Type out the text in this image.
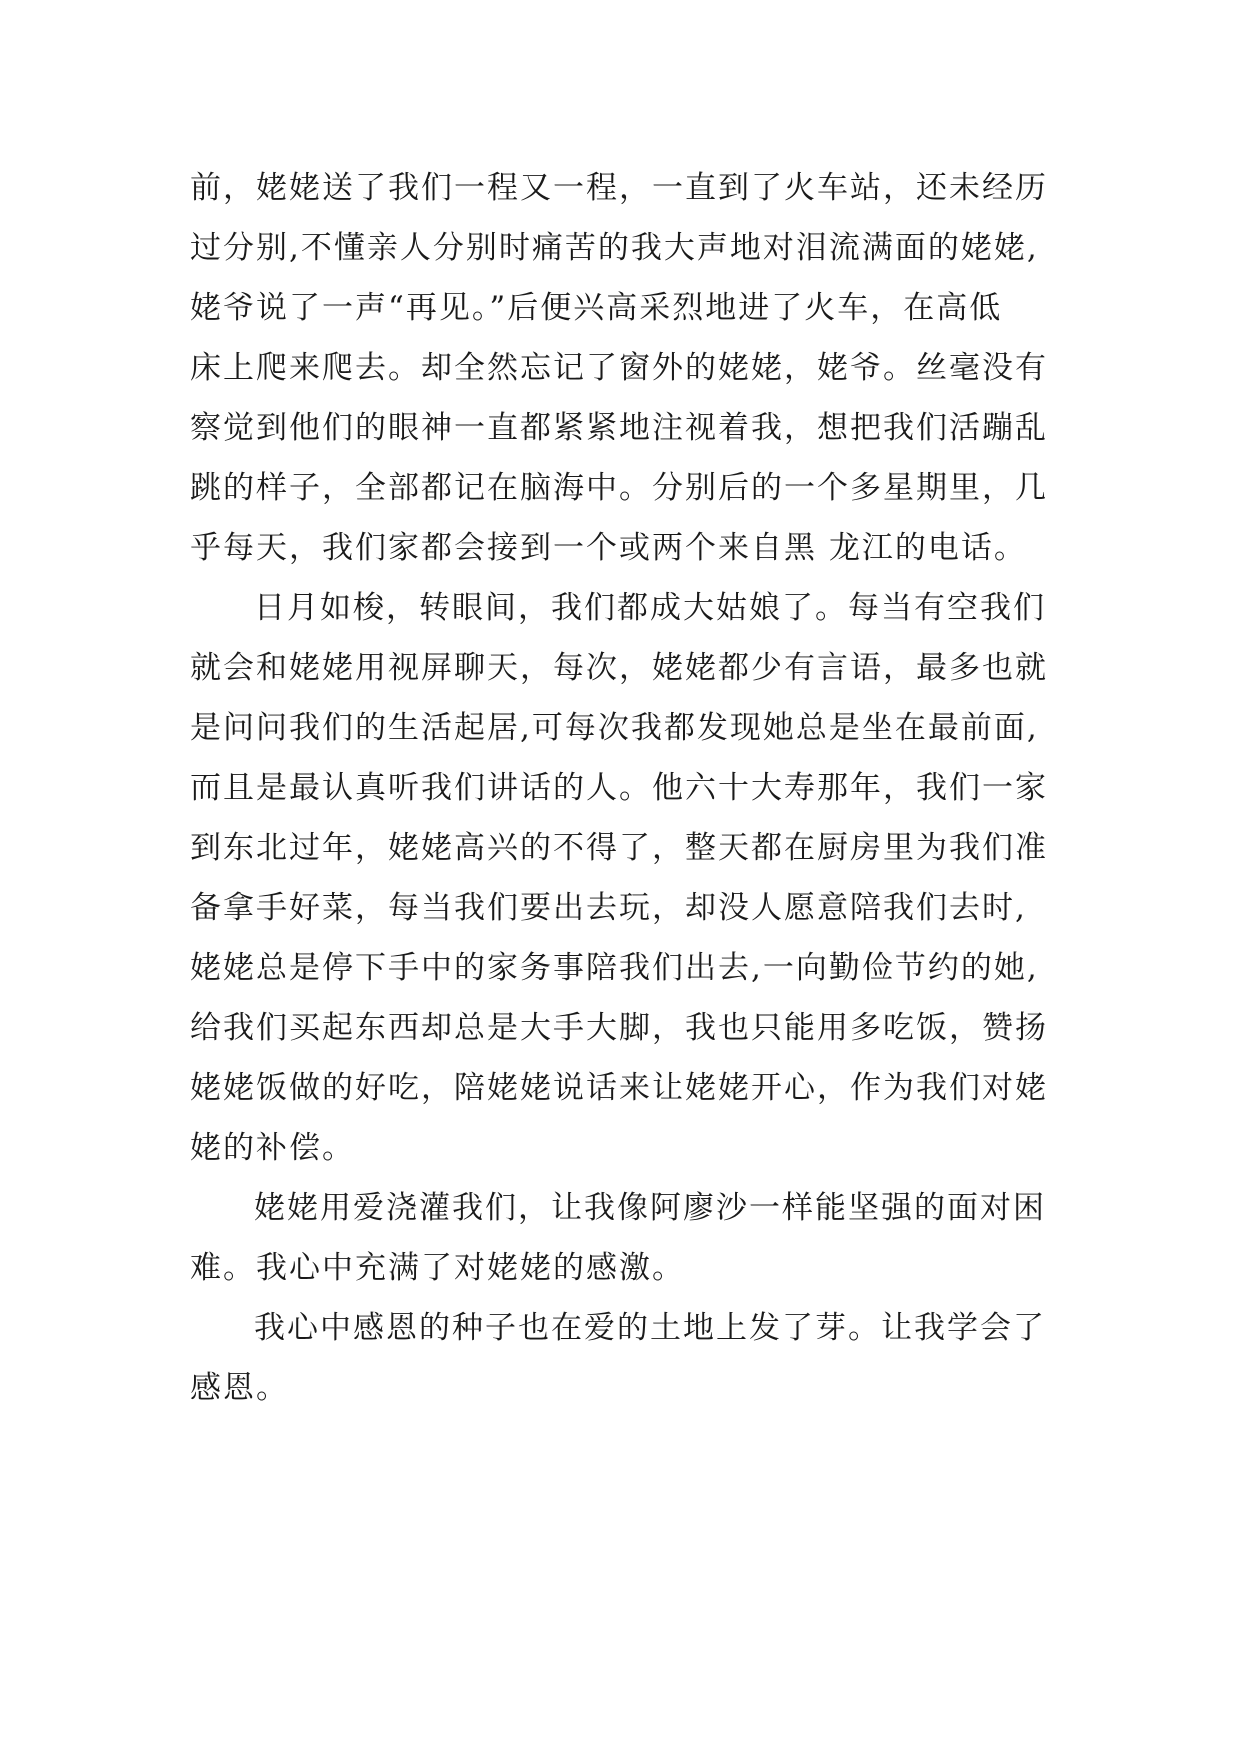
前，姥姥送了我们一程又一程，一直到了火车站，还未经历
过分别,不懂亲人分别时痛苦的我大声地对泪流满面的姥姥,
姥爷说了一声“再见。”后便兴高采烈地进了火车，在高低
床上爬来爬去。却全然忘记了窗外的姥姥，姥爷。丝毫没有
察觉到他们的眼神一直都紧紧地注视着我，想把我们活蹦乱
跳的样子，全部都记在脑海中。分别后的一个多星期里，几
乎每天，我们家都会接到一个或两个来自黑 龙江的电话。
日月如梭，转眼间，我们都成大姑娘了。每当有空我们
就会和姥姥用视屏聊天，每次，姥姥都少有言语，最多也就
是问问我们的生活起居,可每次我都发现她总是坐在最前面,
而且是最认真听我们讲话的人。他六十大寿那年，我们一家
到东北过年，姥姥高兴的不得了，整天都在厨房里为我们准
备拿手好菜，每当我们要出去玩，却没人愿意陪我们去时,
姥姥总是停下手中的家务事陪我们出去,一向勤俭节约的她,
给我们买起东西却总是大手大脚，我也只能用多吃饭，赞扬
姥姥饭做的好吃，陪姥姥说话来让姥姥开心，作为我们对姥
姥的补偿。
姥姥用爱浇灌我们，让我像阿廖沙一样能坚强的面对困
难。我心中充满了对姥姥的感激。
我心中感恩的种子也在爱的土地上发了芽。让我学会了
感恩。
